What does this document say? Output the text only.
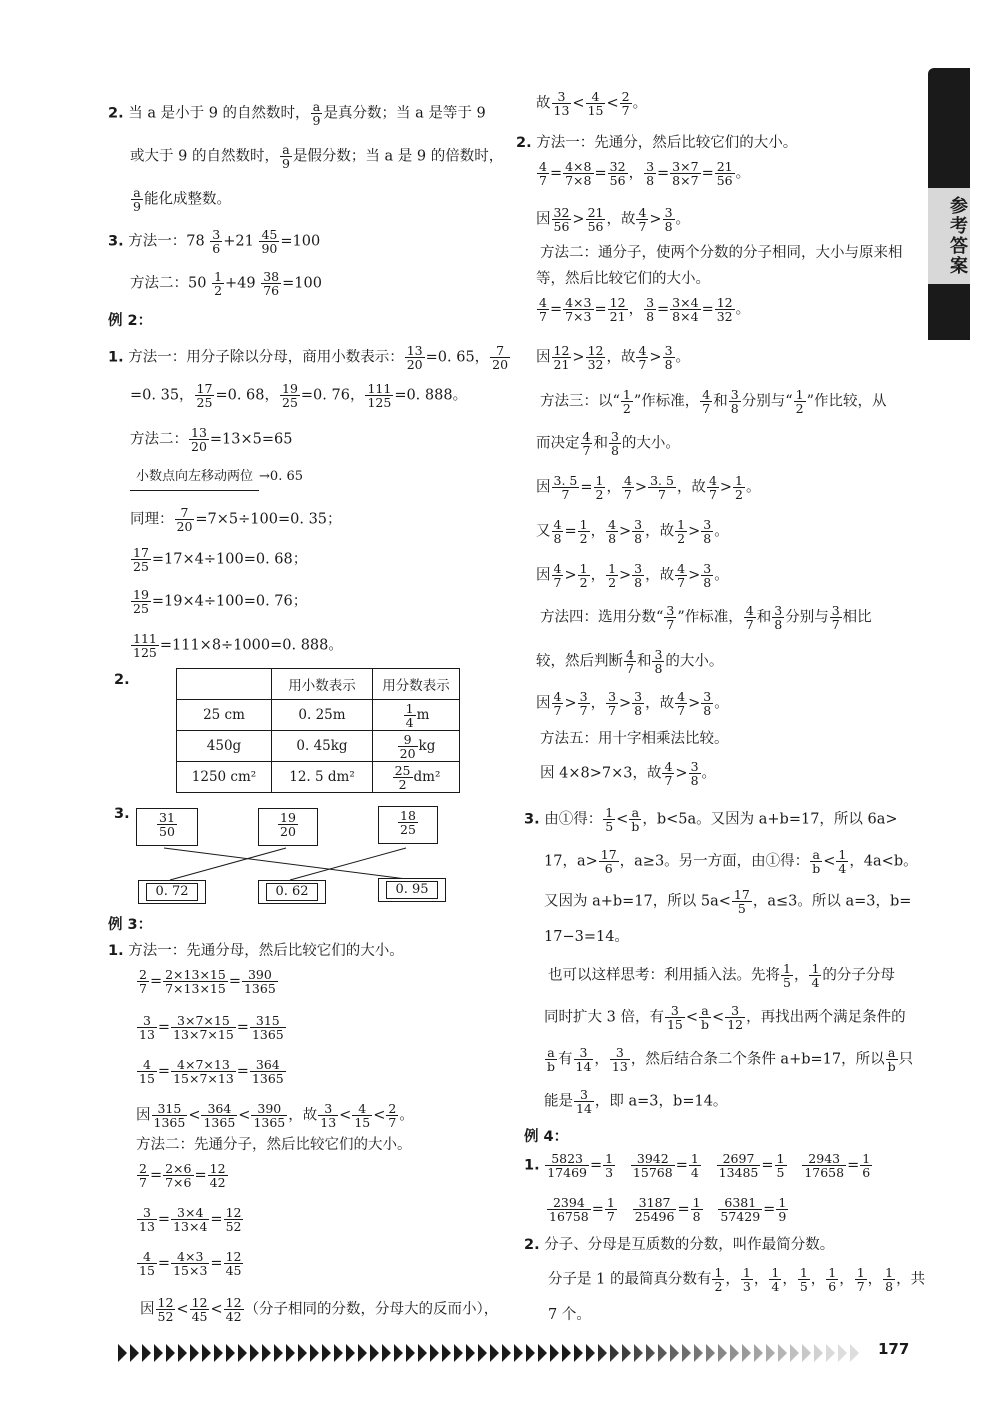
参考答案
2. 当 a 是小于 9 的自然数时， $\frac{a}{9}$ 是真分数；当 a 是等于 9
或大于 9 的自然数时， $\frac{a}{9}$ 是假分数；当 a 是 9 的倍数时，
$\frac{a}{9}$ 能化成整数。
3. 方法一：$78 \frac{3}{6} +21 \frac{45}{90} =100$
方法二：$50 \frac{1}{2} +49 \frac{38}{76} =100$
例 2：
1. 方法一：用分子除以分母，商用小数表示： $\frac{13}{20} =0$. 65， $\frac{7}{20}$
=0. 35， $\frac{17}{25} =0$. 68， $\frac{19}{25} =0$. 76， $\frac{111}{125} =0$. 888。
方法二： $\frac{13}{20} =13\times 5=65$
小数点向左移动两位 →0. 65
同理： $\frac{7}{20} =7\times 5\div 100=0$. 35；
$\frac{17}{25} =17\times 4\div 100=0$. 68；
$\frac{19}{25} =19\times 4\div 100=0$. 76；
$\frac{111}{125} =111\times 8\div 1000=0$. 888。
2.
		用小数表示	用分数表示
25 cm	0. 25m	$\frac{1}{4}$ m
450g	0. 45kg	$\frac{9}{20}$ kg
1250 cm²	12. 5 dm²	$\frac{25}{2} dm^2$
3. $\frac{31}{50}$	$\frac{19}{20}$	$\frac{18}{25}$
0. 72	0. 62	0. 95
例 3：
1. 方法一：先通分母，然后比较它们的大小。
$\frac{2}{7} = \frac{2\times 13\times 15}{7\times 13\times 15} = \frac{390}{1365}$
$\frac{3}{13} = \frac{3\times 7\times 15}{13\times 7\times 15} = \frac{315}{1365}$
$\frac{4}{15} = \frac{4\times 7\times 13}{15\times 7\times 13} = \frac{364}{1365}$
因 $\frac{315}{1365} < \frac{364}{1365} < \frac{390}{1365}$ ，故 $\frac{3}{13} < \frac{4}{15} < \frac{2}{7}$ 。
方法二：先通分子，然后比较它们的大小。
$\frac{2}{7} = \frac{2\times 6}{7\times 6} = \frac{12}{42}$
$\frac{3}{13} = \frac{3\times 4}{13\times 4} = \frac{12}{52}$
$\frac{4}{15} = \frac{4\times 3}{15\times 3} = \frac{12}{45}$
因 $\frac{12}{52} < \frac{12}{45} < \frac{12}{42}$ （分子相同的分数，分母大的反而小），
故 $\frac{3}{13} < \frac{4}{15} < \frac{2}{7}$ 。
2. 方法一：先通分，然后比较它们的大小。
$\frac{4}{7} = \frac{4\times 8}{7\times 8} = \frac{32}{56}$ ， $\frac{3}{8} = \frac{3\times 7}{8\times 7} = \frac{21}{56}$ 。
因 $\frac{32}{56} > \frac{21}{56}$ ，故 $\frac{4}{7} > \frac{3}{8}$ 。
方法二：通分子，使两个分数的分子相同，大小与原来相
等，然后比较它们的大小。
$\frac{4}{7} = \frac{4\times 3}{7\times 3} = \frac{12}{21}$ ， $\frac{3}{8} = \frac{3\times 4}{8\times 4} = \frac{12}{32}$ 。
因 $\frac{12}{21} > \frac{12}{32}$ ，故 $\frac{4}{7} > \frac{3}{8}$ 。
方法三：以“ $\frac{1}{2}$ ”作标准， $\frac{4}{7}$ 和 $\frac{3}{8}$ 分别与“ $\frac{1}{2}$ ”作比较，从
而决定 $\frac{4}{7}$ 和 $\frac{3}{8}$ 的大小。
因 $\frac{3. 5}{7} = \frac{1}{2}$ ， $\frac{4}{7} > \frac{3. 5}{7}$ ，故 $\frac{4}{7} > \frac{1}{2}$ 。
又 $\frac{4}{8} = \frac{1}{2}$ ， $\frac{4}{8} > \frac{3}{8}$ ，故 $\frac{1}{2} > \frac{3}{8}$ 。
因 $\frac{4}{7} > \frac{1}{2}$ ， $\frac{1}{2} > \frac{3}{8}$ ，故 $\frac{4}{7} > \frac{3}{8}$ 。
方法四：选用分数“ $\frac{3}{7}$ ”作标准， $\frac{4}{7}$ 和 $\frac{3}{8}$ 分别与 $\frac{3}{7}$ 相比
较，然后判断 $\frac{4}{7}$ 和 $\frac{3}{8}$ 的大小。
因 $\frac{4}{7} > \frac{3}{7}$ ， $\frac{3}{7} > \frac{3}{8}$ ，故 $\frac{4}{7} > \frac{3}{8}$ 。
方法五：用十字相乘法比较。
因 4×8>7×3，故 $\frac{4}{7} > \frac{3}{8}$ 。
3. 由①得： $\frac{1}{5} < \frac{a}{b}$ ，b<5a。又因为 a+b=17，所以 6a>
17，$a> \frac{17}{6}$ ，a≥3。另一方面，由①得： $\frac{a}{b} < \frac{1}{4}$ ，4a<b。
又因为 a+b=17，所以 $5a< \frac{17}{5}$ ，a≤3。所以 a=3，b=
17−3=14。
也可以这样思考：利用插入法。先将 $\frac{1}{5}$ ， $\frac{1}{4}$ 的分子分母
同时扩大 3 倍，有 $\frac{3}{15} < \frac{a}{b} < \frac{3}{12}$ ，再找出两个满足条件的
$\frac{a}{b}$ 有 $\frac{3}{14}$ ， $\frac{3}{13}$ ，然后结合条二个条件 a+b=17，所以 $\frac{a}{b}$ 只
能是 $\frac{3}{14}$ ，即 a=3，b=14。
例 4：
1. $\frac{5823}{17469} = \frac{1}{3}$
$\frac{3942}{15768} = \frac{1}{4}$
$\frac{2697}{13485} = \frac{1}{5}$
$\frac{2943}{17658} = \frac{1}{6}$
$\frac{2394}{16758} = \frac{1}{7}$
$\frac{3187}{25496} = \frac{1}{8}$
$\frac{6381}{57429} = \frac{1}{9}$
2. 分子、分母是互质数的分数，叫作最简分数。
分子是 1 的最简真分数有 $\frac{1}{2}$ ， $\frac{1}{3}$ ， $\frac{1}{4}$ ， $\frac{1}{5}$ ， $\frac{1}{6}$ ， $\frac{1}{7}$ ， $\frac{1}{8}$ ，共
7 个。
177
